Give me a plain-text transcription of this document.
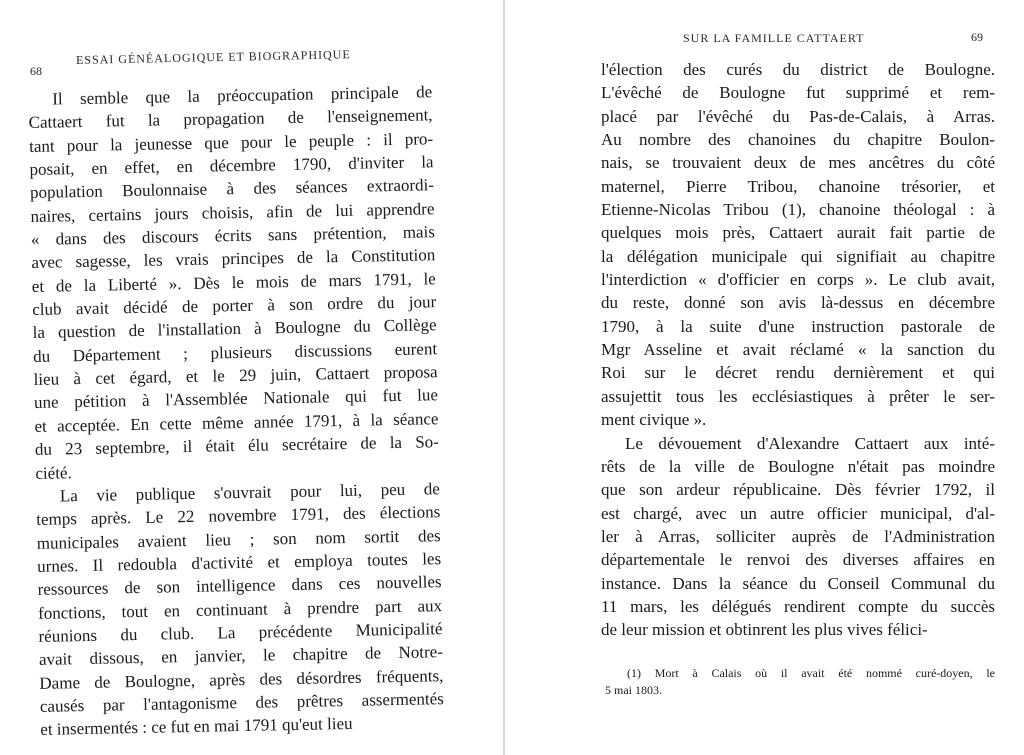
68
ESSAI GÉNÉALOGIQUE ET BIOGRAPHIQUE
Il semble que la préoccupation principale de
Cattaert fut la propagation de l'enseignement,
tant pour la jeunesse que pour le peuple : il pro-
posait, en effet, en décembre 1790, d'inviter la
population Boulonnaise à des séances extraordi-
naires, certains jours choisis, afin de lui apprendre
« dans des discours écrits sans prétention, mais
avec sagesse, les vrais principes de la Constitution
et de la Liberté ». Dès le mois de mars 1791, le
club avait décidé de porter à son ordre du jour
la question de l'installation à Boulogne du Collège
du Département ; plusieurs discussions eurent
lieu à cet égard, et le 29 juin, Cattaert proposa
une pétition à l'Assemblée Nationale qui fut lue
et acceptée. En cette même année 1791, à la séance
du 23 septembre, il était élu secrétaire de la So-
ciété.
La vie publique s'ouvrait pour lui, peu de
temps après. Le 22 novembre 1791, des élections
municipales avaient lieu ; son nom sortit des
urnes. Il redoubla d'activité et employa toutes les
ressources de son intelligence dans ces nouvelles
fonctions, tout en continuant à prendre part aux
réunions du club. La précédente Municipalité
avait dissous, en janvier, le chapitre de Notre-
Dame de Boulogne, après des désordres fréquents,
causés par l'antagonisme des prêtres assermentés
et insermentés : ce fut en mai 1791 qu'eut lieu
SUR LA FAMILLE CATTAERT	69
l'élection des curés du district de Boulogne.
L'évêché de Boulogne fut supprimé et rem-
placé par l'évêché du Pas-de-Calais, à Arras.
Au nombre des chanoines du chapitre Boulon-
nais, se trouvaient deux de mes ancêtres du côté
maternel, Pierre Tribou, chanoine trésorier, et
Etienne-Nicolas Tribou (1), chanoine théologal : à
quelques mois près, Cattaert aurait fait partie de
la délégation municipale qui signifiait au chapitre
l'interdiction « d'officier en corps ». Le club avait,
du reste, donné son avis là-dessus en décembre
1790, à la suite d'une instruction pastorale de
Mgr Asseline et avait réclamé « la sanction du
Roi sur le décret rendu dernièrement et qui
assujettit tous les ecclésiastiques à prêter le ser-
ment civique ».
Le dévouement d'Alexandre Cattaert aux inté-
rêts de la ville de Boulogne n'était pas moindre
que son ardeur républicaine. Dès février 1792, il
est chargé, avec un autre officier municipal, d'al-
ler à Arras, solliciter auprès de l'Administration
départementale le renvoi des diverses affaires en
instance. Dans la séance du Conseil Communal du
11 mars, les délégués rendirent compte du succès
de leur mission et obtinrent les plus vives félici-
(1) Mort à Calais où il avait été nommé curé-doyen, le
5 mai 1803.
